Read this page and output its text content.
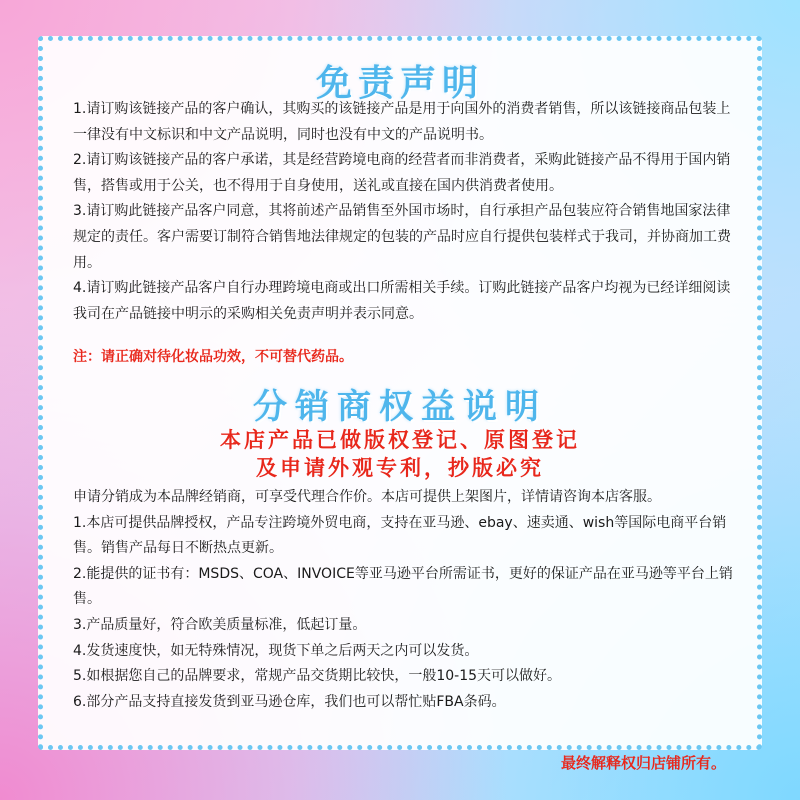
免责声明

1.请订购该链接产品的客户确认，其购买的该链接产品是用于向国外的消费者销售，所以该链接商品包装上一律没有中文标识和中文产品说明，同时也没有中文的产品说明书。

2.请订购该链接产品的客户承诺，其是经营跨境电商的经营者而非消费者，采购此链接产品不得用于国内销售，搭售或用于公关，也不得用于自身使用，送礼或直接在国内供消费者使用。

3.请订购此链接产品客户同意，其将前述产品销售至外国市场时，自行承担产品包装应符合销售地国家法律规定的责任。客户需要订制符合销售地法律规定的包装的产品时应自行提供包装样式于我司，并协商加工费用。

4.请订购此链接产品客户自行办理跨境电商或出口所需相关手续。订购此链接产品客户均视为已经详细阅读我司在产品链接中明示的采购相关免责声明并表示同意。

注：请正确对待化妆品功效，不可替代药品。
分销商权益说明
本店产品已做版权登记、原图登记
及申请外观专利，抄版必究

申请分销成为本品牌经销商，可享受代理合作价。本店可提供上架图片，详情请咨询本店客服。

1.本店可提供品牌授权，产品专注跨境外贸电商，支持在亚马逊、ebay、速卖通、wish等国际电商平台销售。销售产品每日不断热点更新。

2.能提供的证书有：MSDS、COA、INVOICE等亚马逊平台所需证书，更好的保证产品在亚马逊等平台上销售。

3.产品质量好，符合欧美质量标准，低起订量。

4.发货速度快，如无特殊情况，现货下单之后两天之内可以发货。

5.如根据您自己的品牌要求，常规产品交货期比较快，一般10-15天可以做好。

6.部分产品支持直接发货到亚马逊仓库，我们也可以帮忙贴FBA条码。

最终解释权归店铺所有。
